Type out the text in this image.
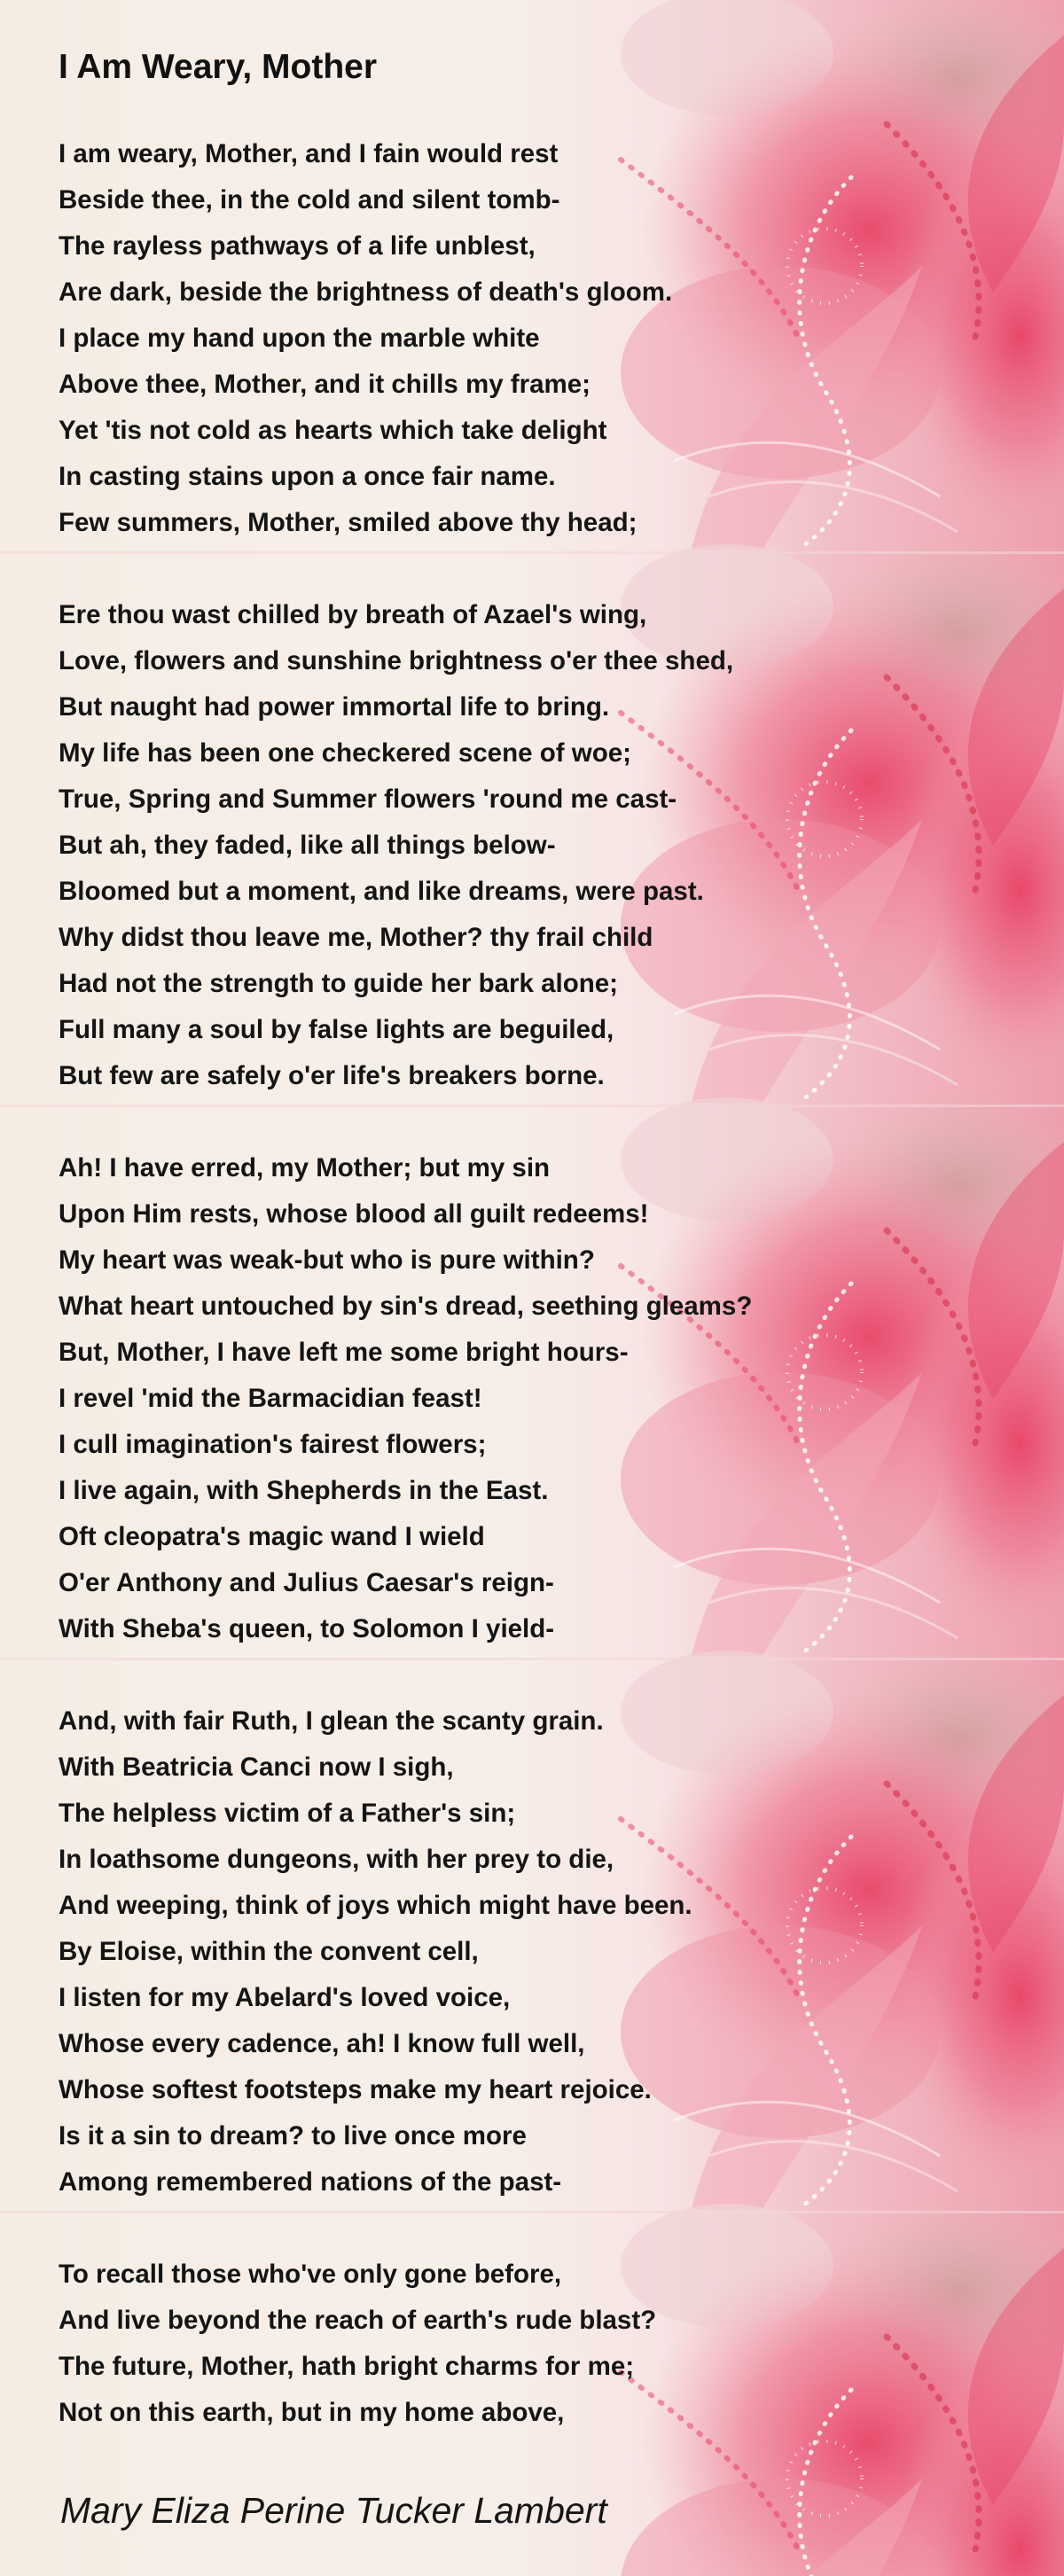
I Am Weary, Mother
I am weary, Mother, and I fain would rest
Beside thee, in the cold and silent tomb-
The rayless pathways of a life unblest,
Are dark, beside the brightness of death's gloom.
I place my hand upon the marble white
Above thee, Mother, and it chills my frame;
Yet 'tis not cold as hearts which take delight
In casting stains upon a once fair name.
Few summers, Mother, smiled above thy head;
Ere thou wast chilled by breath of Azael's wing,
Love, flowers and sunshine brightness o'er thee shed,
But naught had power immortal life to bring.
My life has been one checkered scene of woe;
True, Spring and Summer flowers 'round me cast-
But ah, they faded, like all things below-
Bloomed but a moment, and like dreams, were past.
Why didst thou leave me, Mother? thy frail child
Had not the strength to guide her bark alone;
Full many a soul by false lights are beguiled,
But few are safely o'er life's breakers borne.
Ah! I have erred, my Mother; but my sin
Upon Him rests, whose blood all guilt redeems!
My heart was weak-but who is pure within?
What heart untouched by sin's dread, seething gleams?
But, Mother, I have left me some bright hours-
I revel 'mid the Barmacidian feast!
I cull imagination's fairest flowers;
I live again, with Shepherds in the East.
Oft cleopatra's magic wand I wield
O'er Anthony and Julius Caesar's reign-
With Sheba's queen, to Solomon I yield-
And, with fair Ruth, I glean the scanty grain.
With Beatricia Canci now I sigh,
The helpless victim of a Father's sin;
In loathsome dungeons, with her prey to die,
And weeping, think of joys which might have been.
By Eloise, within the convent cell,
I listen for my Abelard's loved voice,
Whose every cadence, ah! I know full well,
Whose softest footsteps make my heart rejoice.
Is it a sin to dream? to live once more
Among remembered nations of the past-
To recall those who've only gone before,
And live beyond the reach of earth's rude blast?
The future, Mother, hath bright charms for me;
Not on this earth, but in my home above,

Mary Eliza Perine Tucker Lambert
